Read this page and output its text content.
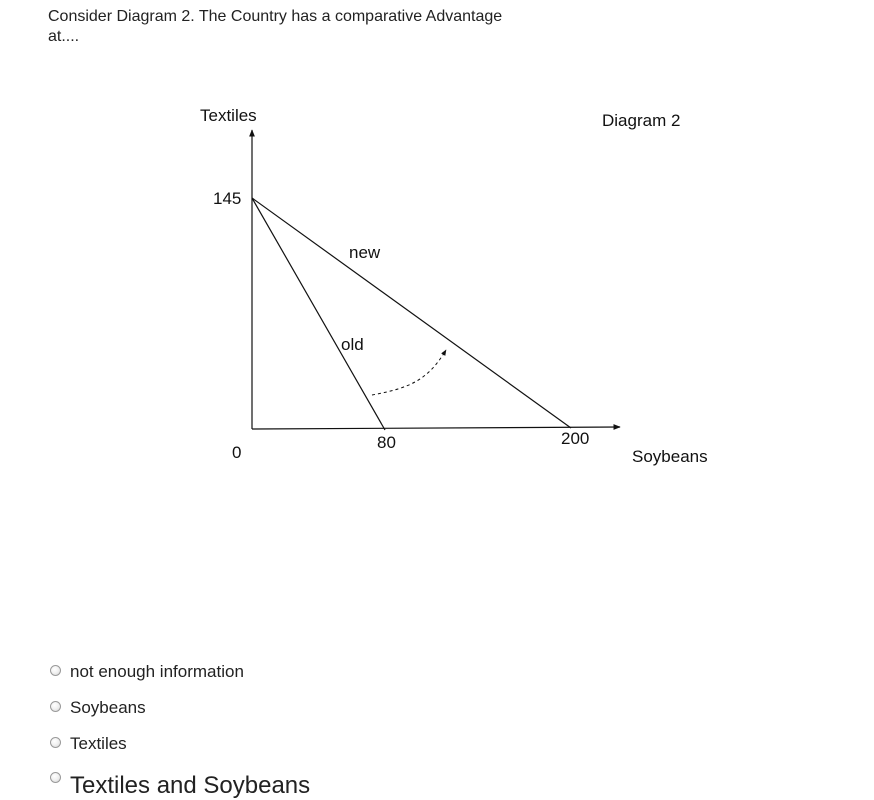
Consider Diagram 2. The Country has a comparative Advantage at....

Textiles	Diagram 2
145
new
old
0
80	200
Soybeans
not enough information
Soybeans
Textiles
Textiles and Soybeans
